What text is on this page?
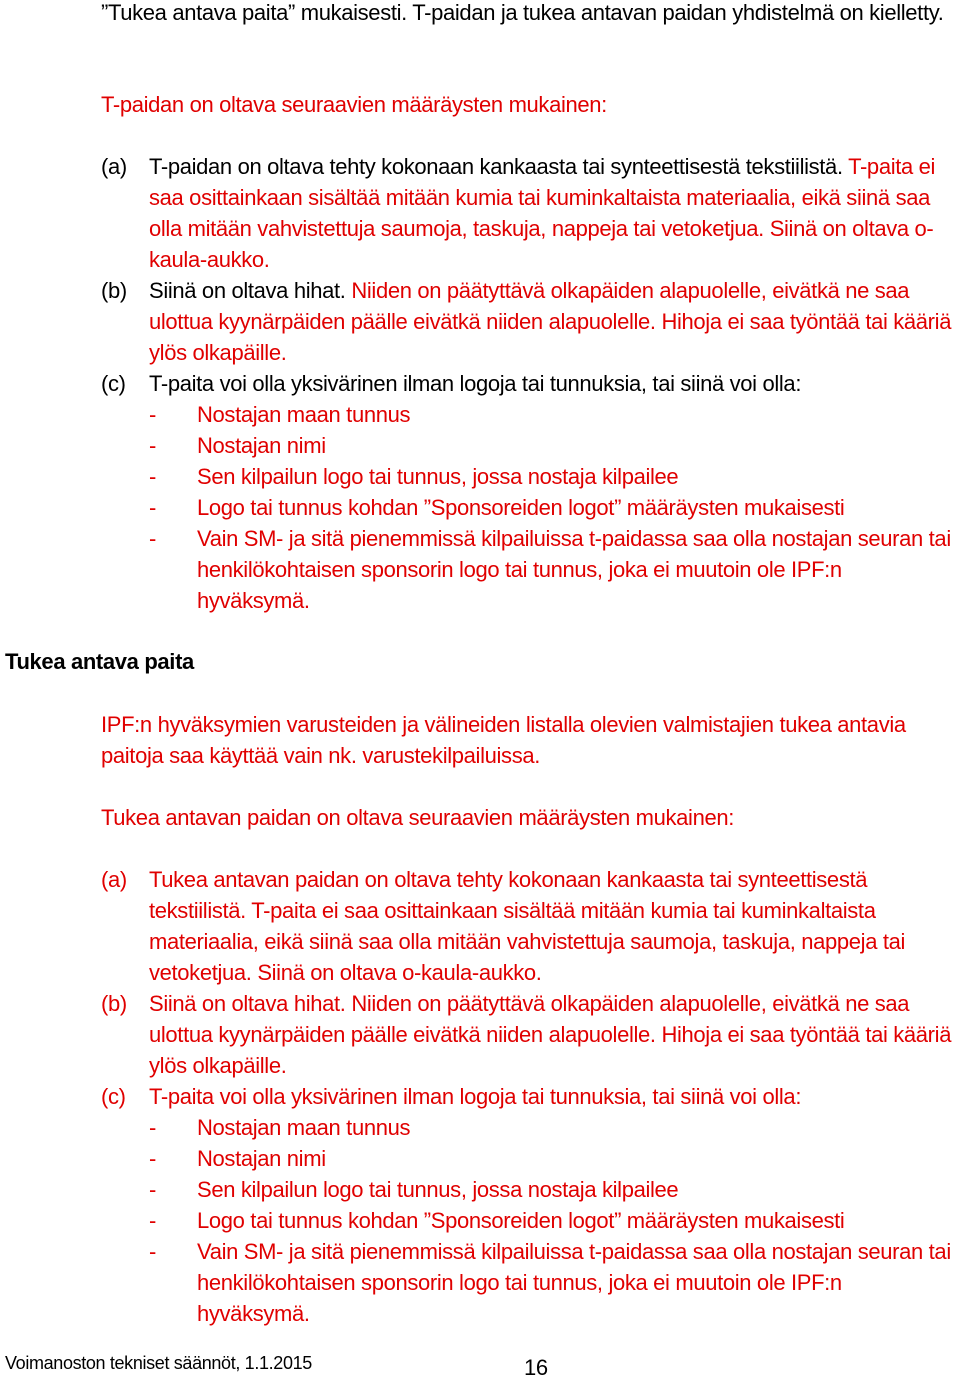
”Tukea antava paita” mukaisesti. T-paidan ja tukea antavan paidan yhdistelmä on kielletty.

T-paidan on oltava seuraavien määräysten mukainen:

(a) T-paidan on oltava tehty kokonaan kankaasta tai synteettisestä tekstiilistä. T-paita ei saa osittainkaan sisältää mitään kumia tai kuminkaltaista materiaalia, eikä siinä saa olla mitään vahvistettuja saumoja, taskuja, nappeja tai vetoketjua. Siinä on oltava o-kaula-aukko.
(b) Siinä on oltava hihat. Niiden on päätyttävä olkapäiden alapuolelle, eivätkä ne saa ulottua kyynärpäiden päälle eivätkä niiden alapuolelle. Hihoja ei saa työntää tai kääriä ylös olkapäille.
(c) T-paita voi olla yksivärinen ilman logoja tai tunnuksia, tai siinä voi olla:
- Nostajan maan tunnus
- Nostajan nimi
- Sen kilpailun logo tai tunnus, jossa nostaja kilpailee
- Logo tai tunnus kohdan ”Sponsoreiden logot” määräysten mukaisesti
- Vain SM- ja sitä pienemmissä kilpailuissa t-paidassa saa olla nostajan seuran tai henkilökohtaisen sponsorin logo tai tunnus, joka ei muutoin ole IPF:n hyväksymä.

Tukea antava paita

IPF:n hyväksymien varusteiden ja välineiden listalla olevien valmistajien tukea antavia paitoja saa käyttää vain nk. varustekilpailuissa.

Tukea antavan paidan on oltava seuraavien määräysten mukainen:

(a) Tukea antavan paidan on oltava tehty kokonaan kankaasta tai synteettisestä tekstiilistä. T-paita ei saa osittainkaan sisältää mitään kumia tai kuminkaltaista materiaalia, eikä siinä saa olla mitään vahvistettuja saumoja, taskuja, nappeja tai vetoketjua. Siinä on oltava o-kaula-aukko.
(b) Siinä on oltava hihat. Niiden on päätyttävä olkapäiden alapuolelle, eivätkä ne saa ulottua kyynärpäiden päälle eivätkä niiden alapuolelle. Hihoja ei saa työntää tai kääriä ylös olkapäille.
(c) T-paita voi olla yksivärinen ilman logoja tai tunnuksia, tai siinä voi olla:
- Nostajan maan tunnus
- Nostajan nimi
- Sen kilpailun logo tai tunnus, jossa nostaja kilpailee
- Logo tai tunnus kohdan ”Sponsoreiden logot” määräysten mukaisesti
- Vain SM- ja sitä pienemmissä kilpailuissa t-paidassa saa olla nostajan seuran tai henkilökohtaisen sponsorin logo tai tunnus, joka ei muutoin ole IPF:n hyväksymä.
Voimanoston tekniset säännöt, 1.1.2015	16
